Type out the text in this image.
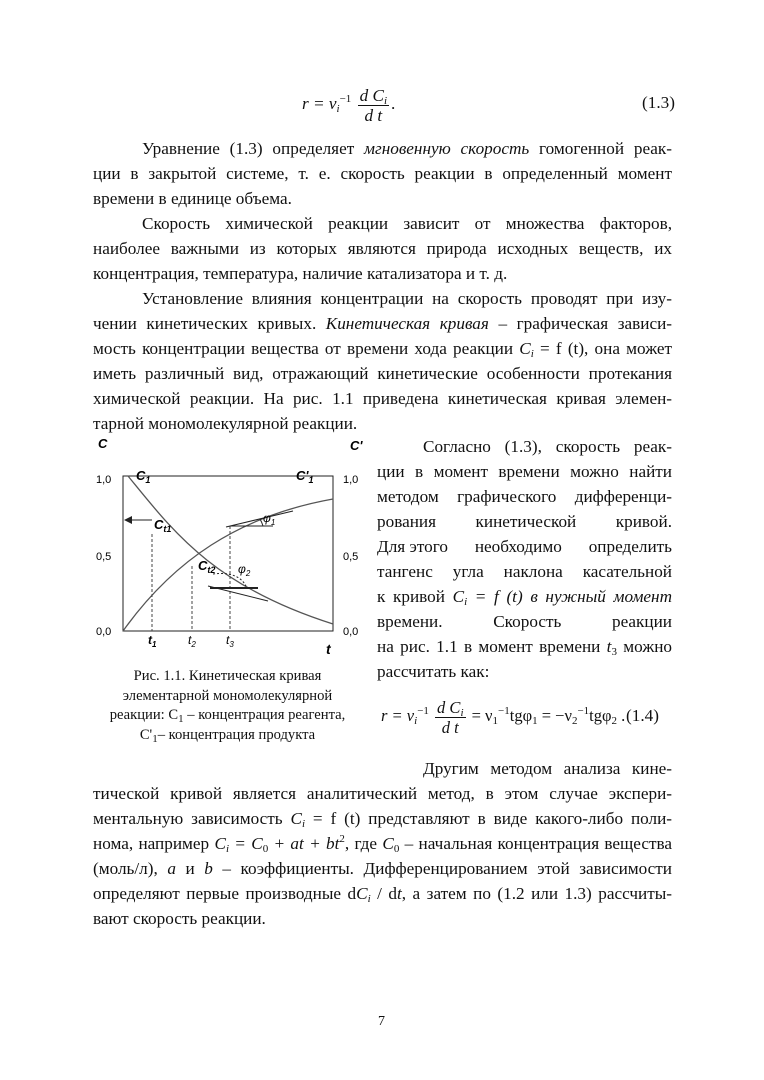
$r = \nu_i^{-1} \frac{d C_i}{\text{d t}}$ .	(1.3)
Уравнение (1.3) определяет мгновенную скорость гомогенной реак-
ции в закрытой системе, т. е. скорость реакции в определенный момент
времени в единице объема.
Скорость химической реакции зависит от множества факторов,
наиболее важными из которых являются природа исходных веществ, их
концентрация, температура, наличие катализатора и т. д.
Установление влияния концентрации на скорость проводят при изу-
чении кинетических кривых. Кинетическая кривая – графическая зависи-
мость концентрации вещества от времени хода реакции $C_i = f$ (t), она может
иметь различный вид, отражающий кинетические особенности протекания
химической реакции. На рис. 1.1 приведена кинетическая кривая элемен-
тарной мономолекулярной реакции.
C	C'
t
1,0
0,5
0,0
1,0
0,5
0,0
$C_1$	$C'_1$
$C_{t1}$
$C_{t2}$
$\varphi_1$
$\varphi_2$
$t_1$	$t_2$	$t_3$
Рис. 1.1. Кинетическая кривая
элементарной мономолекулярной
реакции: $C_1$ – концентрация реагента,
$C'_1-$ концентрация продукта
Согласно (1.3), скорость реак-
ции в момент времени можно найти
методом графического дифференци-
рования кинетической кривой.
Для этого необходимо определить
тангенс угла наклона касательной
к кривой $C_i = f$ (t) в нужный момент
времени.	Скорость	реакции
на рис. 1.1 в момент времени $t_3$ можно
рассчитать как:
$r = \nu_i^{-1} \frac{d C_i}{\text{d t}} = \nu_1^{-1}tg\varphi_1 = -\nu_2^{-1}tg\varphi_2$ . (1.4)
Другим методом анализа кине-
тической кривой является аналитический метод, в этом случае экспери-
ментальную зависимость $C_i = f$ (t) представляют в виде какого-либо поли-
нома, например $C_i = C_0$ + at + $bt^2$, где $C_0$ – начальная концентрация вещества
(моль/л), a и b – коэффициенты. Дифференцированием этой зависимости
определяют первые производные $dC_i$ / dt, а затем по (1.2 или 1.3) рассчиты-
вают скорость реакции.
7
